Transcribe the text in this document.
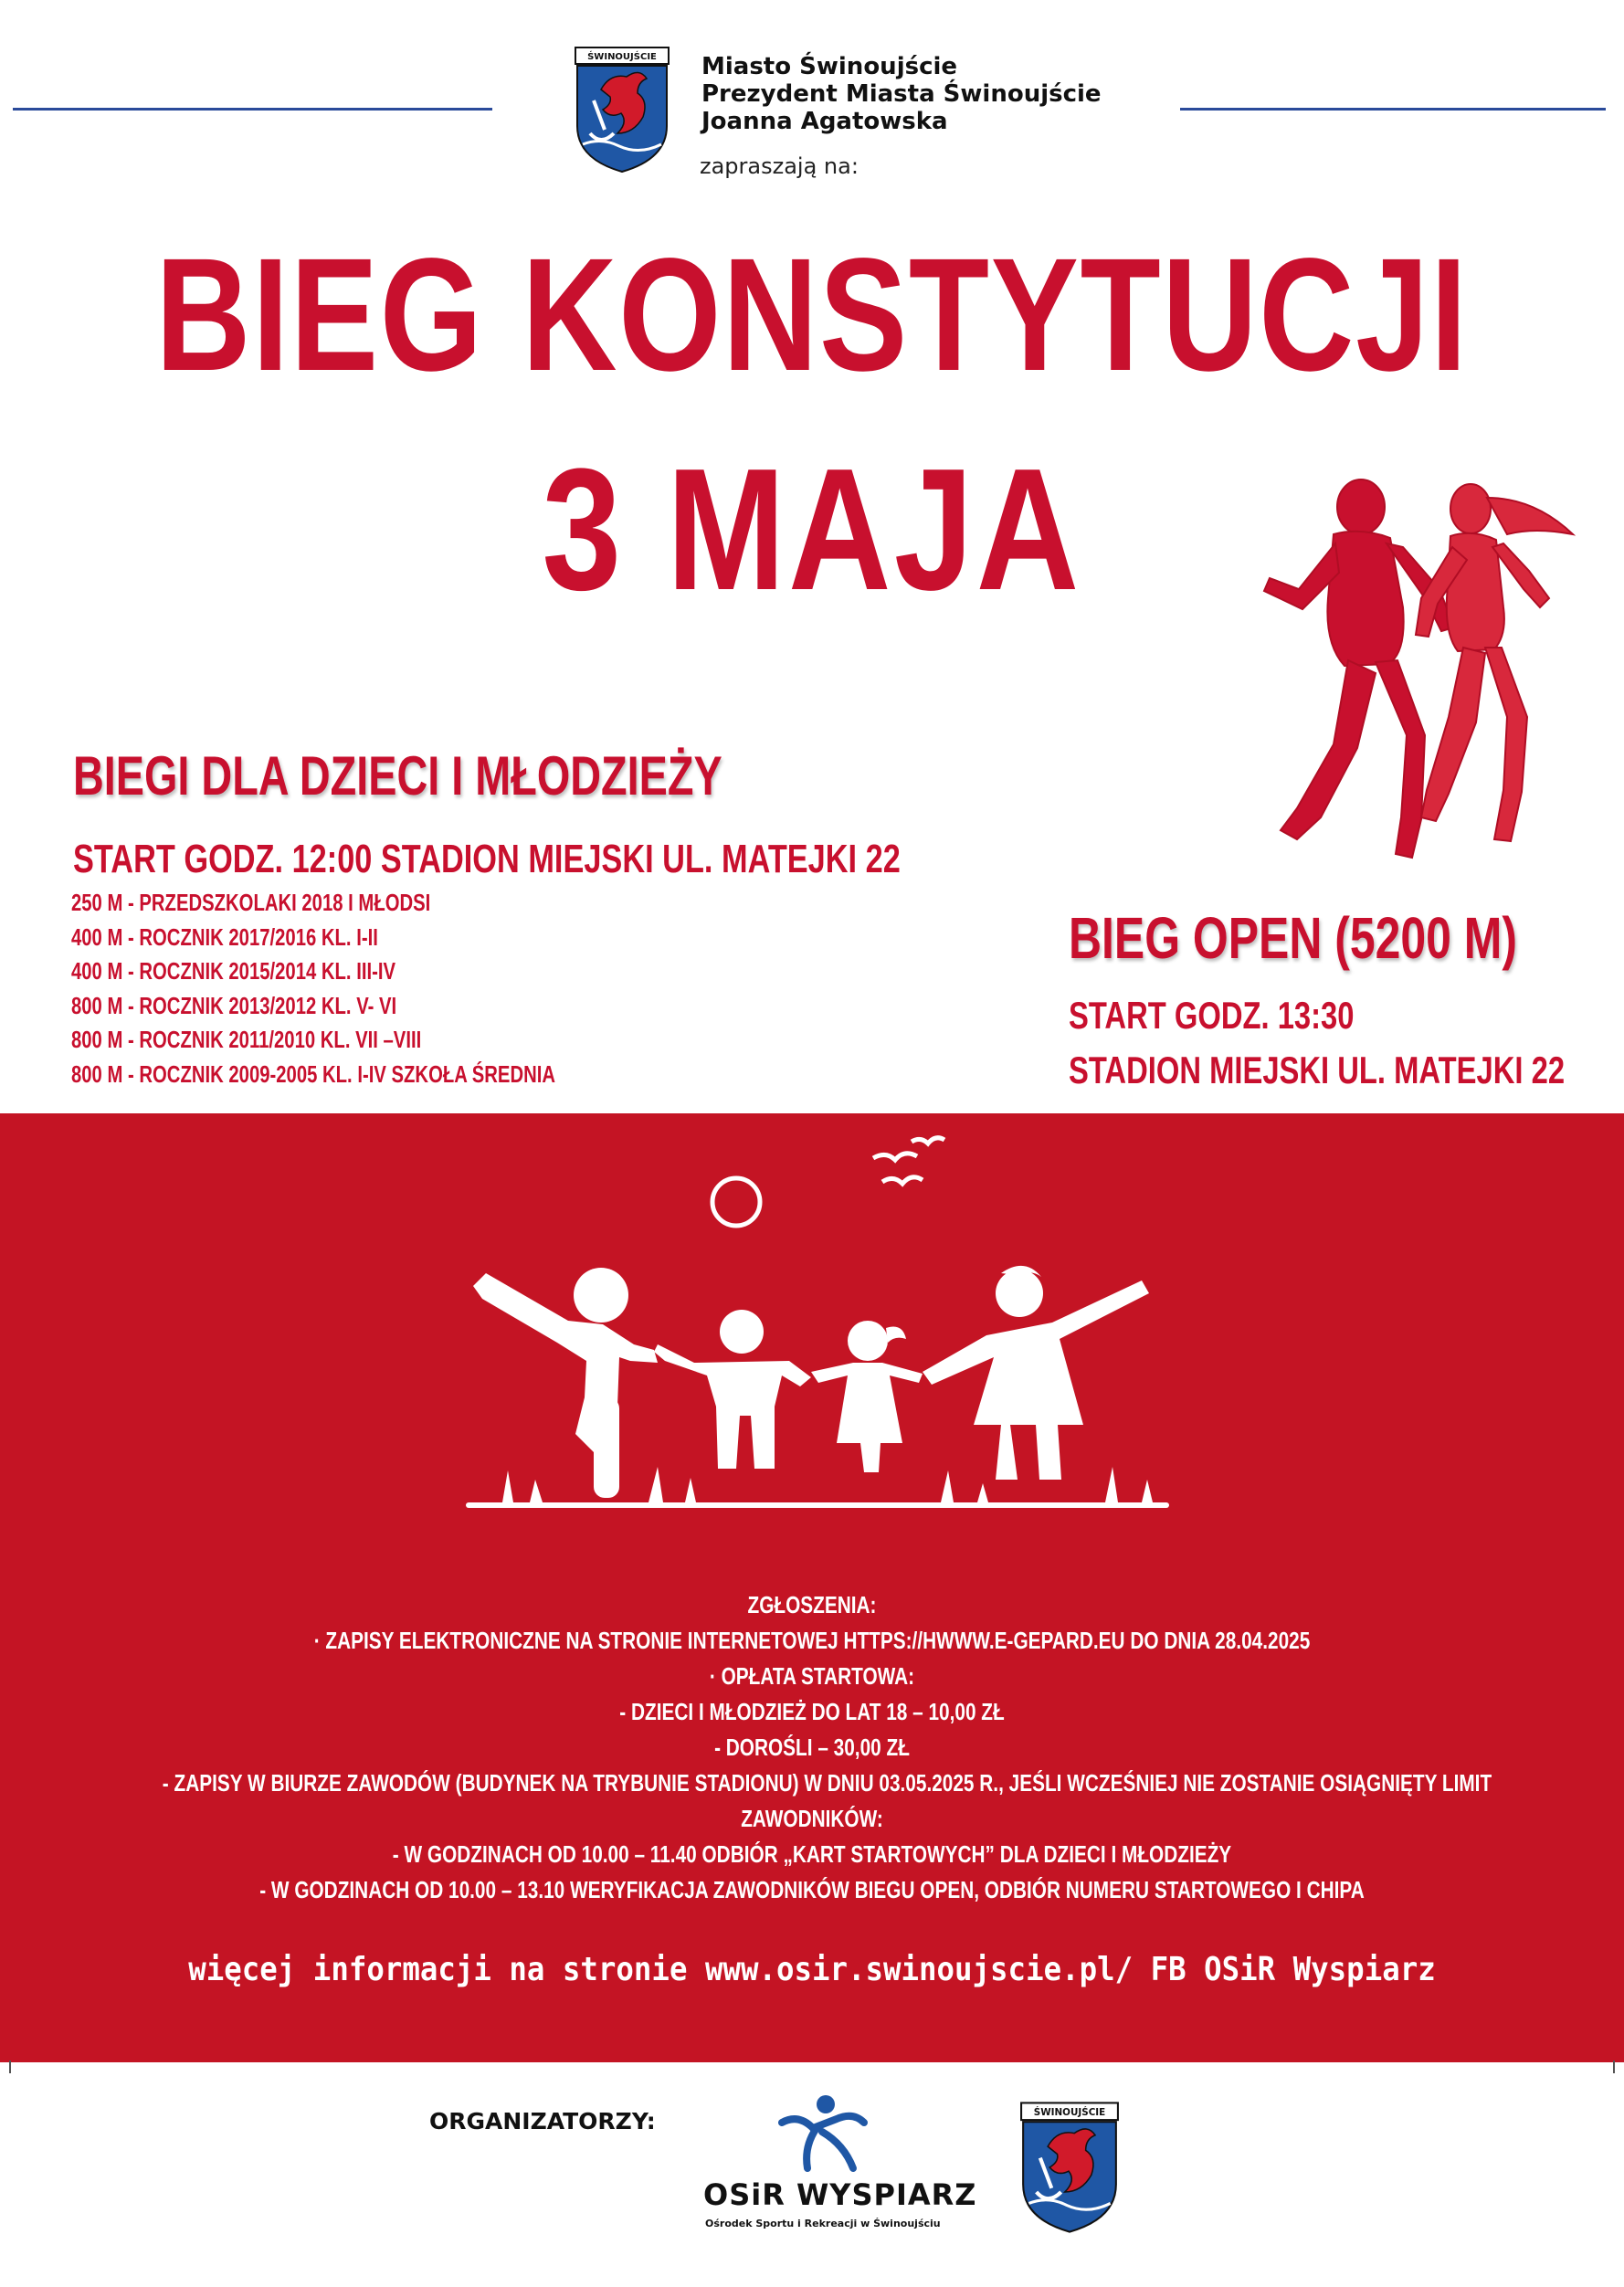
ŚWINOUJŚCIE Miasto Świnoujście
Prezydent Miasta Świnoujście
Joanna Agatowska
zapraszają na:
BIEG KONSTYTUCJI
3 MAJA
BIEGI DLA DZIECI I MŁODZIEŻY
START GODZ. 12:00 STADION MIEJSKI UL. MATEJKI 22
250 M - PRZEDSZKOLAKI 2018 I MŁODSI
400 M - ROCZNIK 2017/2016 KL. I-II
400 M - ROCZNIK 2015/2014 KL. III-IV
800 M - ROCZNIK 2013/2012 KL. V- VI
800 M - ROCZNIK 2011/2010 KL. VII –VIII
800 M - ROCZNIK 2009-2005 KL. I-IV SZKOŁA ŚREDNIA
BIEG OPEN (5200 M)
START GODZ. 13:30
STADION MIEJSKI UL. MATEJKI 22
ZGŁOSZENIA:
· ZAPISY ELEKTRONICZNE NA STRONIE INTERNETOWEJ HTTPS://HWWW.E-GEPARD.EU DO DNIA 28.04.2025
· OPŁATA STARTOWA:
- DZIECI I MŁODZIEŻ DO LAT 18 – 10,00 ZŁ
- DOROŚLI – 30,00 ZŁ
- ZAPISY W BIURZE ZAWODÓW (BUDYNEK NA TRYBUNIE STADIONU) W DNIU 03.05.2025 R., JEŚLI WCZEŚNIEJ NIE ZOSTANIE OSIĄGNIĘTY LIMIT
ZAWODNIKÓW:
- W GODZINACH OD 10.00 – 11.40 ODBIÓR „KART STARTOWYCH” DLA DZIECI I MŁODZIEŻY
- W GODZINACH OD 10.00 – 13.10 WERYFIKACJA ZAWODNIKÓW BIEGU OPEN, ODBIÓR NUMERU STARTOWEGO I CHIPA
więcej informacji na stronie www.osir.swinoujscie.pl/ FB OSiR Wyspiarz
ORGANIZATORZY:
OSiR WYSPIARZ
Ośrodek Sportu i Rekreacji w Świnoujściu
ŚWINOUJŚCIE
